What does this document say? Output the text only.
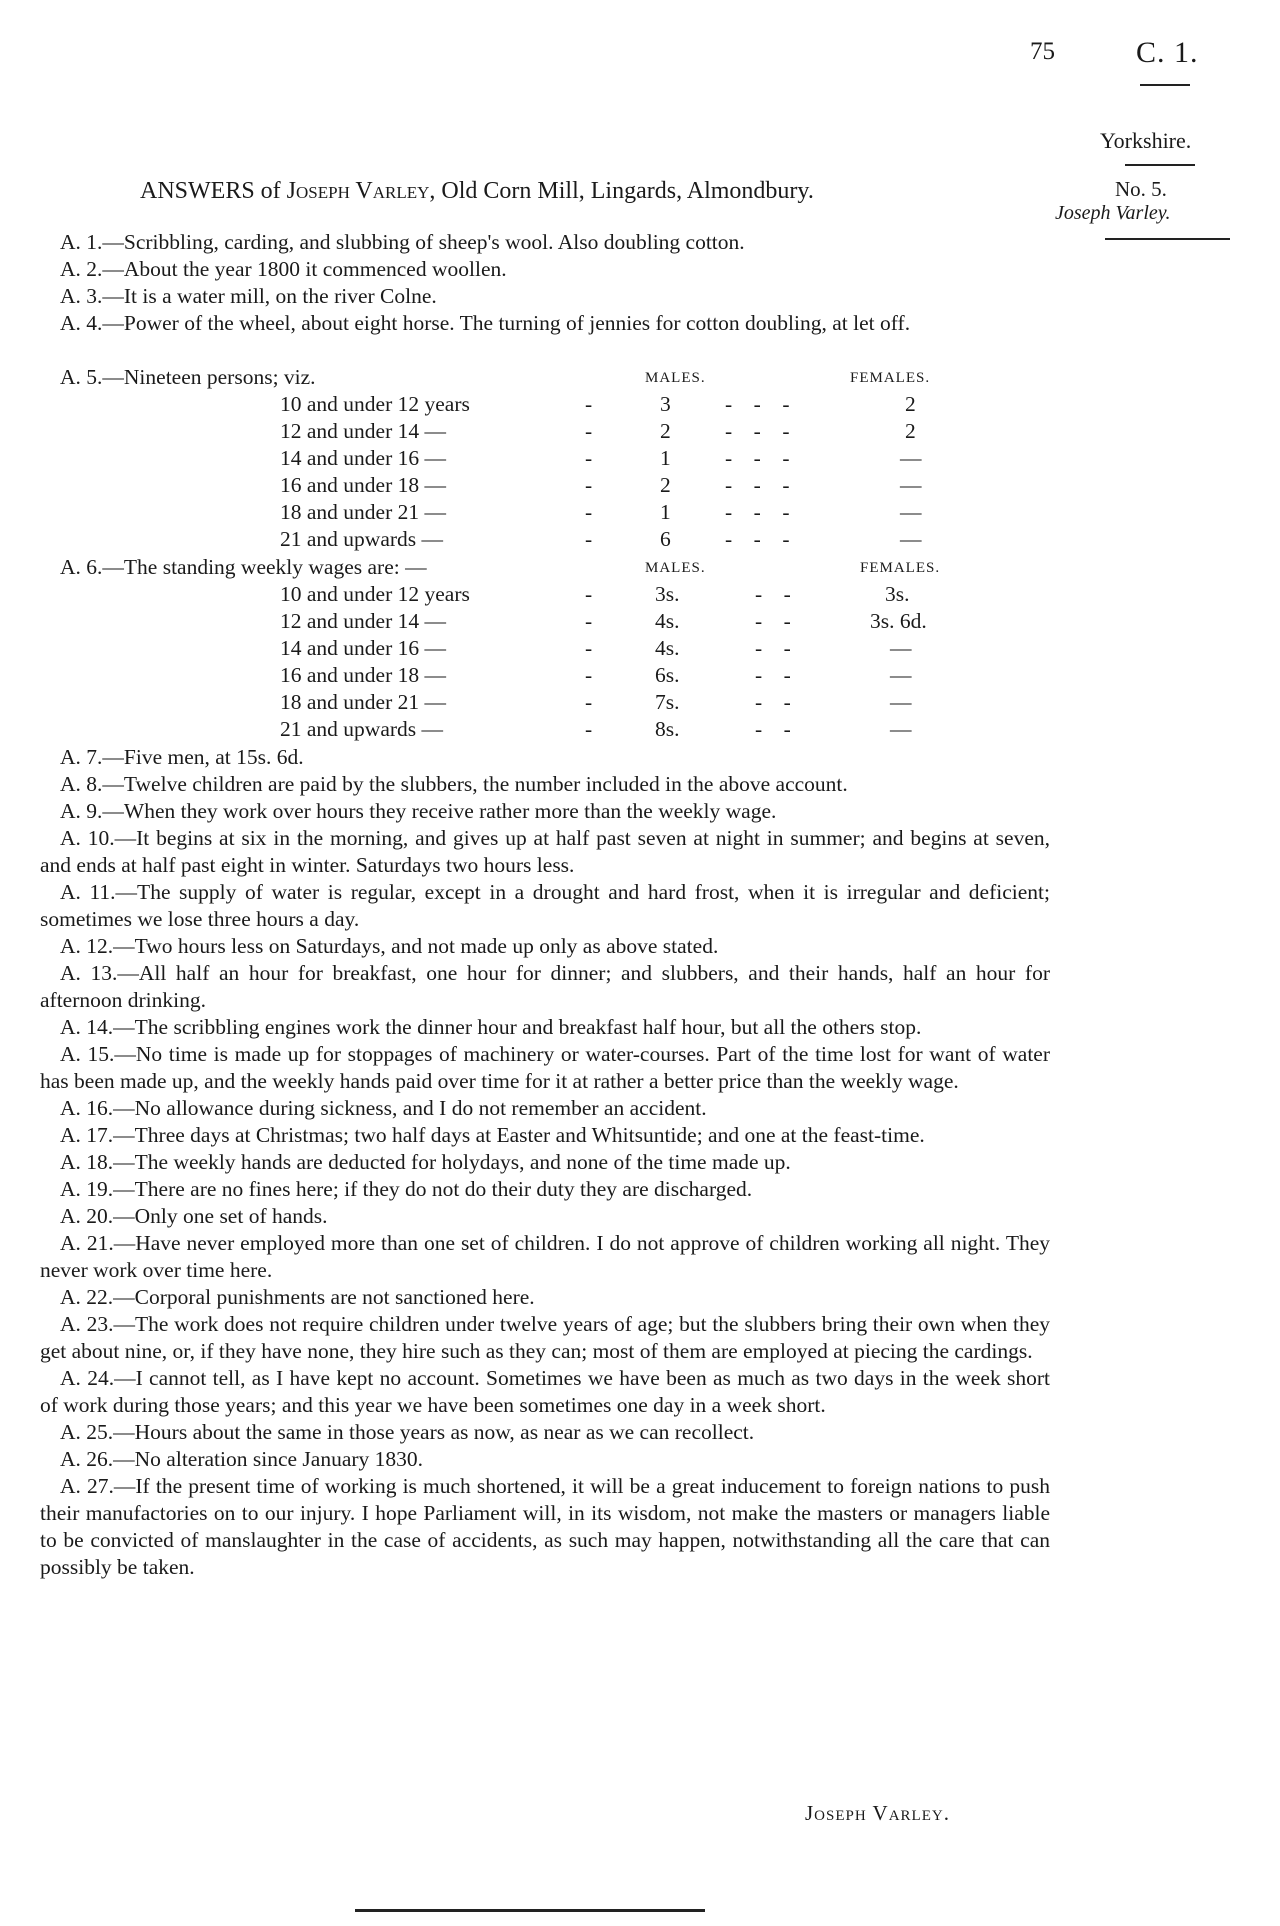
75	C. 1.
Yorkshire.
No. 5.
Joseph Varley.
ANSWERS of Joseph Varley, Old Corn Mill, Lingards, Almondbury.

A. 1.—Scribbling, carding, and slubbing of sheep's wool. Also doubling cotton.

A. 2.—About the year 1800 it commenced woollen.

A. 3.—It is a water mill, on the river Colne.

A. 4.—Power of the wheel, about eight horse. The turning of jennies for cotton doubling, at let off.

A. 5.—Nineteen persons; viz.	MALES.	FEMALES.
10 and under 12 years	-	3	-    -    -	2
12 and under 14 —	-	2	-    -    -	2
14 and under 16 —	-	1	-    -    -	—
16 and under 18 —	-	2	-    -    -	—
18 and under 21 —	-	1	-    -    -	—
21 and upwards —	-	6	-    -    -	—
A. 6.—The standing weekly wages are: —	MALES.	FEMALES.
10 and under 12 years	-	3s.	-    -	3s.
12 and under 14 —	-	4s.	-    -	3s. 6d.
14 and under 16 —	-	4s.	-    -	—
16 and under 18 —	-	6s.	-    -	—
18 and under 21 —	-	7s.	-    -	—
21 and upwards —	-	8s.	-    -	—

A. 7.—Five men, at 15s. 6d.

A. 8.—Twelve children are paid by the slubbers, the number included in the above account.

A. 9.—When they work over hours they receive rather more than the weekly wage.

A. 10.—It begins at six in the morning, and gives up at half past seven at night in summer; and begins at seven, and ends at half past eight in winter. Saturdays two hours less.

A. 11.—The supply of water is regular, except in a drought and hard frost, when it is irregular and deficient; sometimes we lose three hours a day.

A. 12.—Two hours less on Saturdays, and not made up only as above stated.

A. 13.—All half an hour for breakfast, one hour for dinner; and slubbers, and their hands, half an hour for afternoon drinking.

A. 14.—The scribbling engines work the dinner hour and breakfast half hour, but all the others stop.

A. 15.—No time is made up for stoppages of machinery or water-courses. Part of the time lost for want of water has been made up, and the weekly hands paid over time for it at rather a better price than the weekly wage.

A. 16.—No allowance during sickness, and I do not remember an accident.

A. 17.—Three days at Christmas; two half days at Easter and Whitsuntide; and one at the feast-time.

A. 18.—The weekly hands are deducted for holydays, and none of the time made up.

A. 19.—There are no fines here; if they do not do their duty they are discharged.

A. 20.—Only one set of hands.

A. 21.—Have never employed more than one set of children. I do not approve of children working all night. They never work over time here.

A. 22.—Corporal punishments are not sanctioned here.

A. 23.—The work does not require children under twelve years of age; but the slubbers bring their own when they get about nine, or, if they have none, they hire such as they can; most of them are employed at piecing the cardings.

A. 24.—I cannot tell, as I have kept no account. Sometimes we have been as much as two days in the week short of work during those years; and this year we have been sometimes one day in a week short.

A. 25.—Hours about the same in those years as now, as near as we can recollect.

A. 26.—No alteration since January 1830.

A. 27.—If the present time of working is much shortened, it will be a great inducement to foreign nations to push their manufactories on to our injury. I hope Parliament will, in its wisdom, not make the masters or managers liable to be convicted of manslaughter in the case of accidents, as such may happen, notwithstanding all the care that can possibly be taken.

Joseph Varley.
